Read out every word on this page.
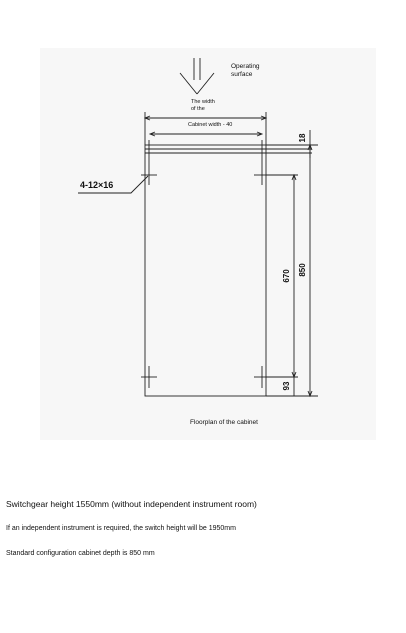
Operating surface
The width of the
Cabinet width - 40
4-12×16
18
670 850
93
Floorplan of the cabinet
Switchgear height 1550mm (without independent instrument room)
If an independent instrument is required, the switch height will be 1950mm
Standard configuration cabinet depth is 850 mm
